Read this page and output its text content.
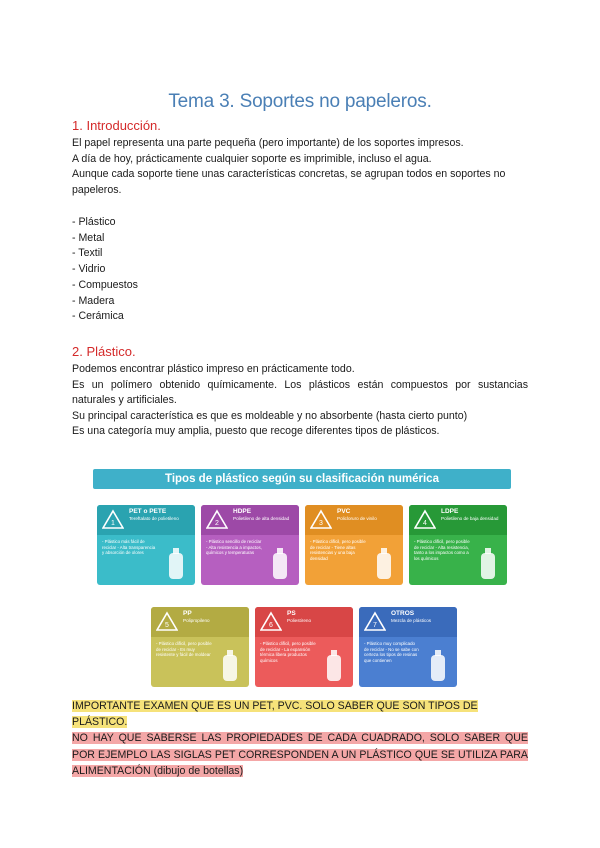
Tema 3. Soportes no papeleros.
1. Introducción.

El papel representa una parte pequeña (pero importante) de los soportes impresos.

A día de hoy, prácticamente cualquier soporte es imprimible, incluso el agua.

Aunque cada soporte tiene unas características concretas, se agrupan todos en soportes no papeleros.

- Plástico
- Metal
- Textil
- Vidrio
- Compuestos
- Madera
- Cerámica
2. Plástico.

Podemos encontrar plástico impreso en prácticamente todo.

Es un polímero obtenido químicamente. Los plásticos están compuestos por sustancias naturales y artificiales.

Su principal característica es que es moldeable y no absorbente (hasta cierto punto)

Es una categoría muy amplia, puesto que recoge diferentes tipos de plásticos.

Tipos de plástico según su clasificación numérica
1
PET o PETE
Tereftalato de polietileno
- Plástico más fácil de reciclar - Alta transparencia y absorción de olores
2
HDPE
Polietileno de alta densidad
- Plástico sencillo de reciclar - Alta resistencia a impactos, químicos y temperaturas
3
PVC
Policloruro de vinilo
- Plástico difícil, pero posible de reciclar - Tiene altas resistencias y una baja densidad
4
LDPE
Polietileno de baja densidad
- Plástico difícil, pero posible de reciclar - Alta resistencia, tanto a los impactos como a los químicos
5
PP
Polipropileno
- Plástico difícil, pero posible de reciclar - Es muy resistente y fácil de moldear
6
PS
Poliestireno
- Plástico difícil, pero posible de reciclar - La expansión térmica libera productos químicos
7
OTROS
Mezcla de plásticos
- Plástico muy complicado de reciclar - No se sabe con certeza los tipos de resinas que contienen

IMPORTANTE EXAMEN QUE ES UN PET, PVC. SOLO SABER QUE SON TIPOS DE PLÁSTICO.

NO HAY QUE SABERSE LAS PROPIEDADES DE CADA CUADRADO, SOLO SABER QUE POR EJEMPLO LAS SIGLAS PET CORRESPONDEN A UN PLÁSTICO QUE SE UTILIZA PARA ALIMENTACIÓN (dibujo de botellas)
